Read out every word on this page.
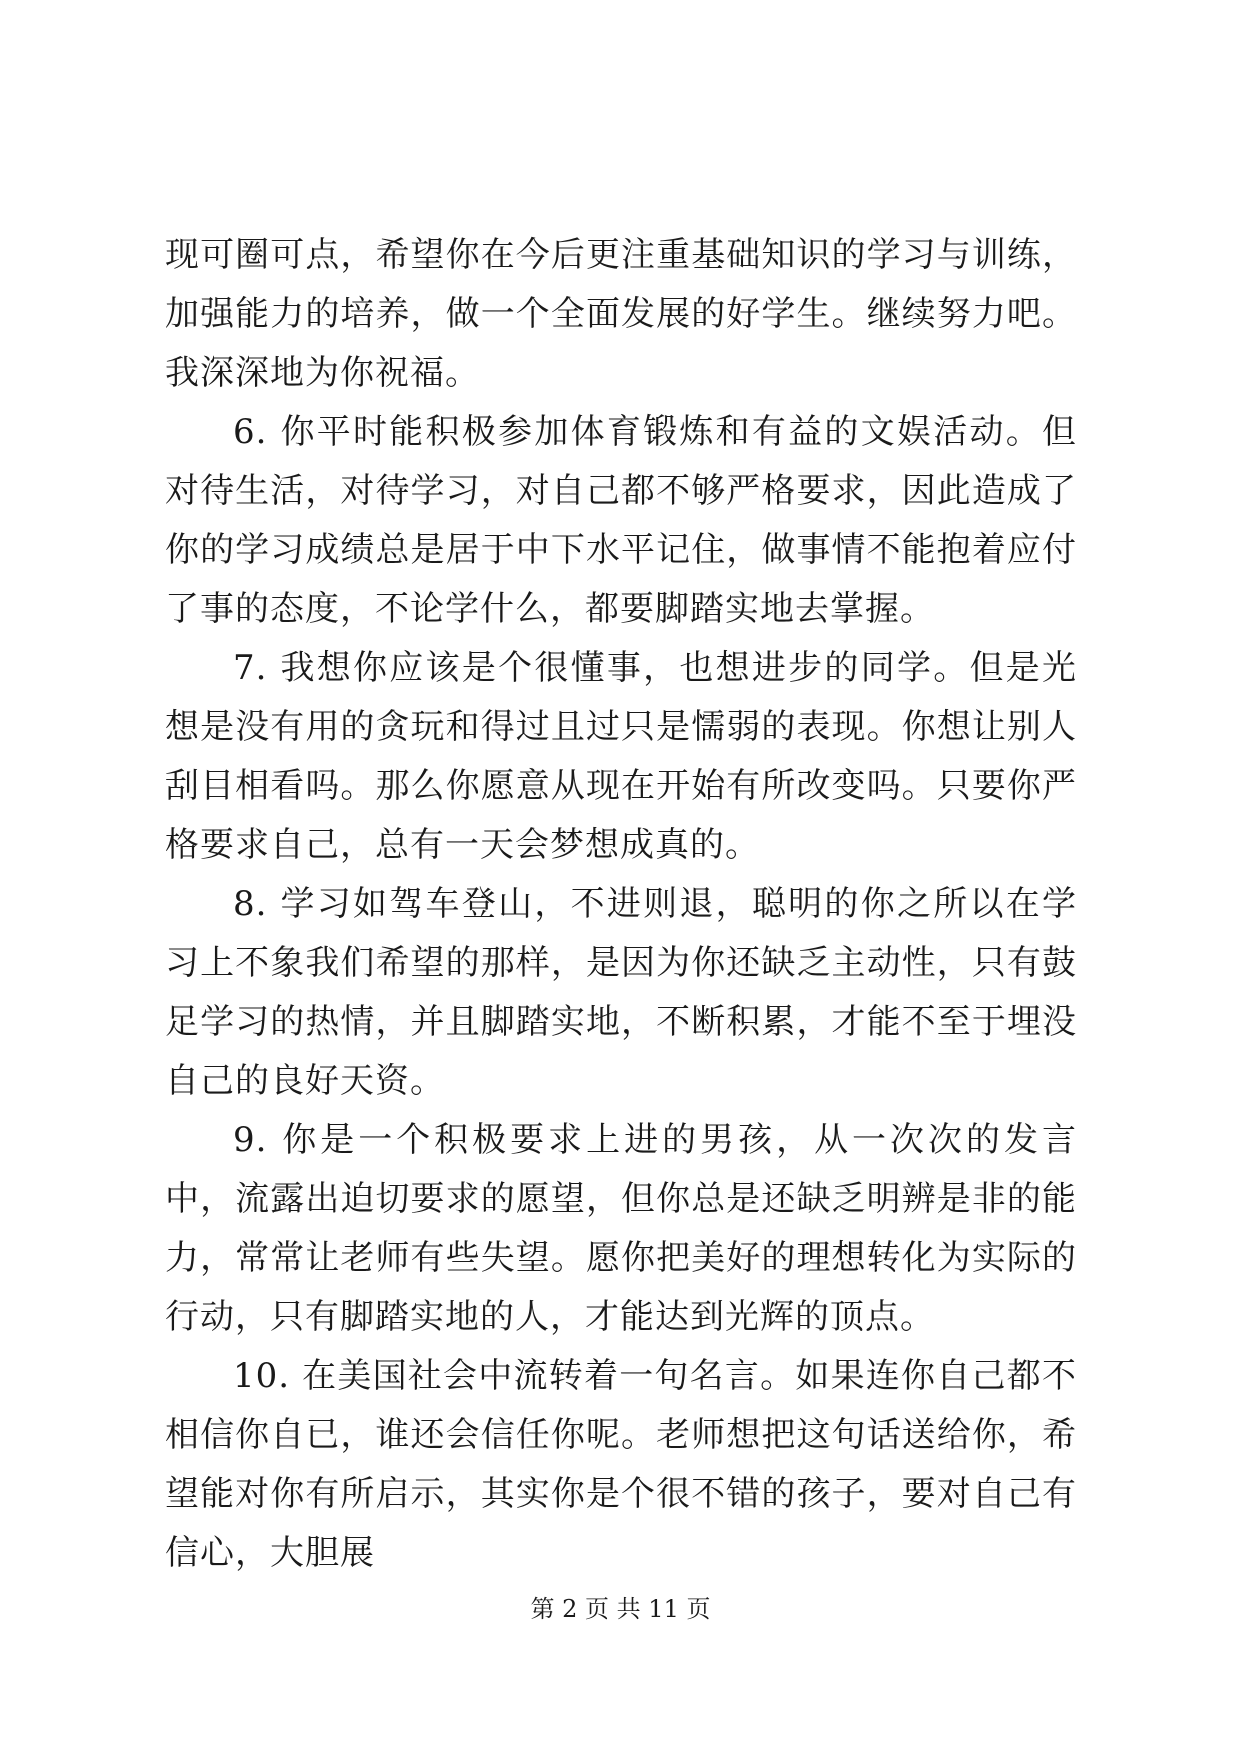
现可圈可点，希望你在今后更注重基础知识的学习与训练，加强能力的培养，做一个全面发展的好学生。继续努力吧。我深深地为你祝福。

6. 你平时能积极参加体育锻炼和有益的文娱活动。但对待生活，对待学习，对自己都不够严格要求，因此造成了你的学习成绩总是居于中下水平记住，做事情不能抱着应付了事的态度，不论学什么，都要脚踏实地去掌握。

7. 我想你应该是个很懂事，也想进步的同学。但是光想是没有用的贪玩和得过且过只是懦弱的表现。你想让别人刮目相看吗。那么你愿意从现在开始有所改变吗。只要你严格要求自己，总有一天会梦想成真的。

8. 学习如驾车登山，不进则退，聪明的你之所以在学习上不象我们希望的那样，是因为你还缺乏主动性，只有鼓足学习的热情，并且脚踏实地，不断积累，才能不至于埋没自己的良好天资。

9. 你是一个积极要求上进的男孩，从一次次的发言中，流露出迫切要求的愿望，但你总是还缺乏明辨是非的能力，常常让老师有些失望。愿你把美好的理想转化为实际的行动，只有脚踏实地的人，才能达到光辉的顶点。

10. 在美国社会中流转着一句名言。如果连你自己都不相信你自已，谁还会信任你呢。老师想把这句话送给你，希望能对你有所启示，其实你是个很不错的孩子，要对自己有信心，大胆展

第 2 页 共 11 页
